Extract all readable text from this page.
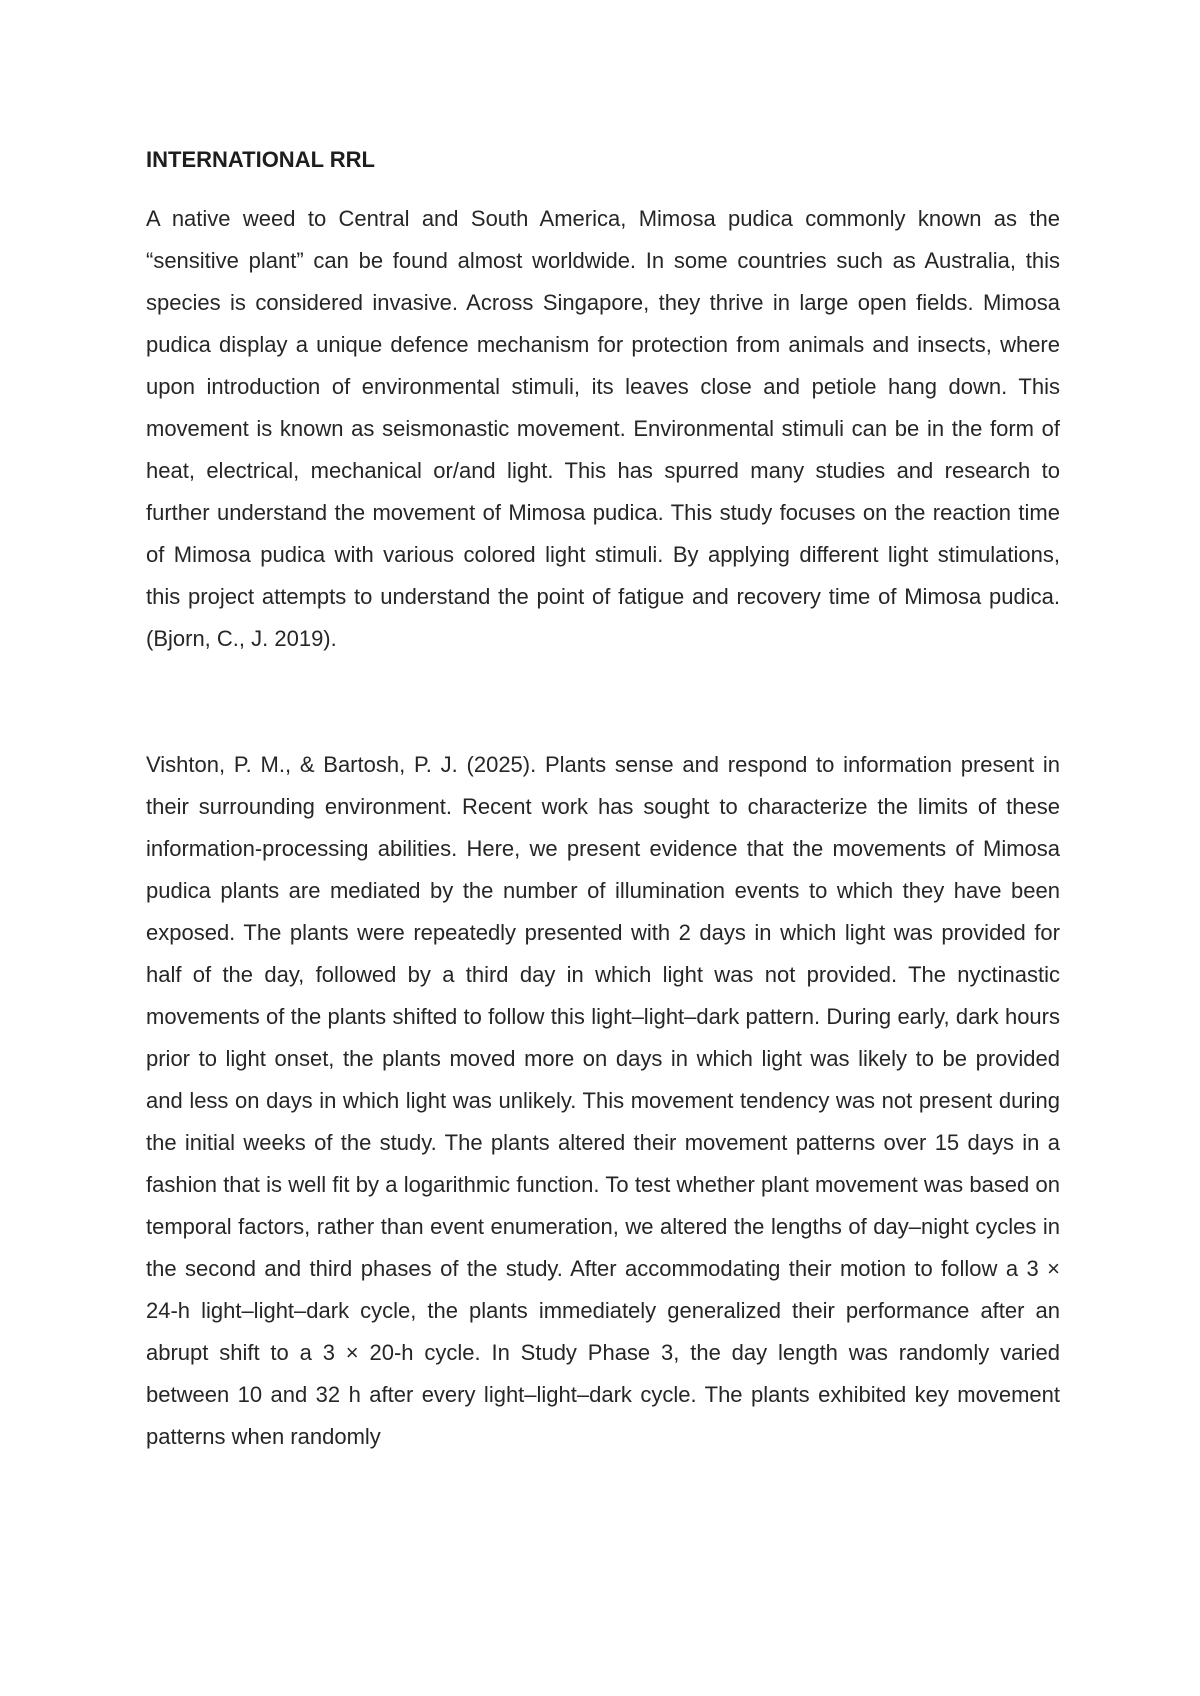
INTERNATIONAL RRL

A native weed to Central and South America, Mimosa pudica commonly known as the “sensitive plant” can be found almost worldwide. In some countries such as Australia, this species is considered invasive. Across Singapore, they thrive in large open fields. Mimosa pudica display a unique defence mechanism for protection from animals and insects, where upon introduction of environmental stimuli, its leaves close and petiole hang down. This movement is known as seismonastic movement. Environmental stimuli can be in the form of heat, electrical, mechanical or/and light. This has spurred many studies and research to further understand the movement of Mimosa pudica. This study focuses on the reaction time of Mimosa pudica with various colored light stimuli. By applying different light stimulations, this project attempts to understand the point of fatigue and recovery time of Mimosa pudica. (Bjorn, C., J. 2019).

Vishton, P. M., & Bartosh, P. J. (2025). Plants sense and respond to information present in their surrounding environment. Recent work has sought to characterize the limits of these information-processing abilities. Here, we present evidence that the movements of Mimosa pudica plants are mediated by the number of illumination events to which they have been exposed. The plants were repeatedly presented with 2 days in which light was provided for half of the day, followed by a third day in which light was not provided. The nyctinastic movements of the plants shifted to follow this light–light–dark pattern. During early, dark hours prior to light onset, the plants moved more on days in which light was likely to be provided and less on days in which light was unlikely. This movement tendency was not present during the initial weeks of the study. The plants altered their movement patterns over 15 days in a fashion that is well fit by a logarithmic function. To test whether plant movement was based on temporal factors, rather than event enumeration, we altered the lengths of day–night cycles in the second and third phases of the study. After accommodating their motion to follow a 3 × 24-h light–light–dark cycle, the plants immediately generalized their performance after an abrupt shift to a 3 × 20-h cycle. In Study Phase 3, the day length was randomly varied between 10 and 32 h after every light–light–dark cycle. The plants exhibited key movement patterns when randomly
